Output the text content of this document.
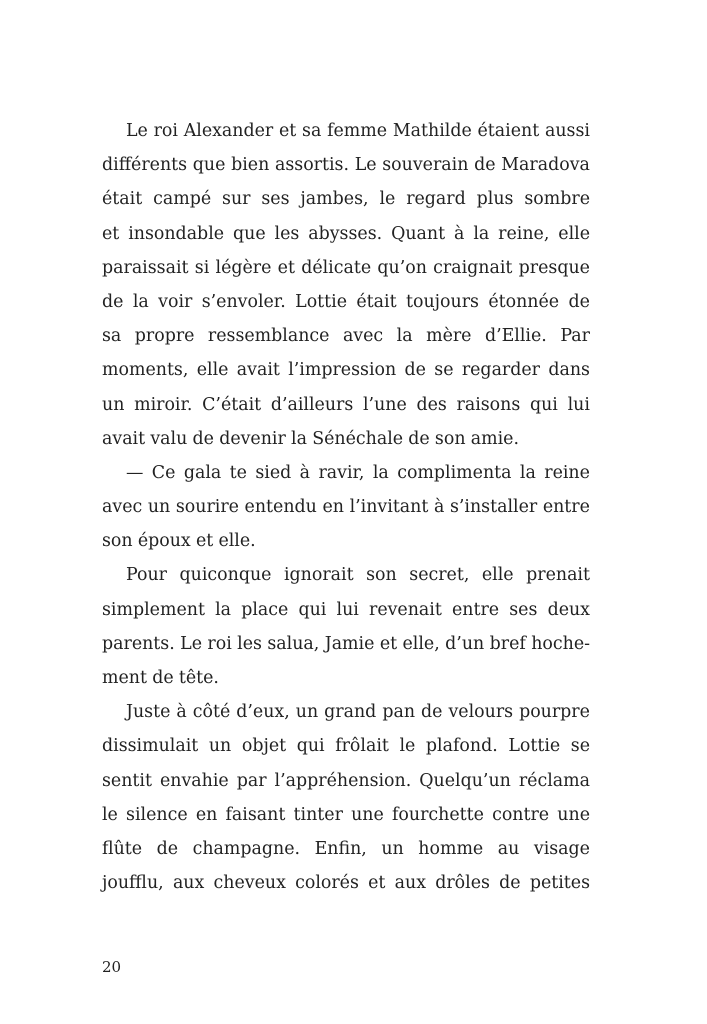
Le roi Alexander et sa femme Mathilde étaient aussi
différents que bien assortis. Le souverain de Maradova
était campé sur ses jambes, le regard plus sombre
et insondable que les abysses. Quant à la reine, elle
paraissait si légère et délicate qu’on craignait presque
de la voir s’envoler. Lottie était toujours étonnée de
sa propre ressemblance avec la mère d’Ellie. Par
moments, elle avait l’impression de se regarder dans
un miroir. C’était d’ailleurs l’une des raisons qui lui
avait valu de devenir la Sénéchale de son amie.
— Ce gala te sied à ravir, la complimenta la reine
avec un sourire entendu en l’invitant à s’installer entre
son époux et elle.
Pour quiconque ignorait son secret, elle prenait
simplement la place qui lui revenait entre ses deux
parents. Le roi les salua, Jamie et elle, d’un bref hoche-
ment de tête.
Juste à côté d’eux, un grand pan de velours pourpre
dissimulait un objet qui frôlait le plafond. Lottie se
sentit envahie par l’appréhension. Quelqu’un réclama
le silence en faisant tinter une fourchette contre une
flûte de champagne. Enfin, un homme au visage
joufflu, aux cheveux colorés et aux drôles de petites
20
